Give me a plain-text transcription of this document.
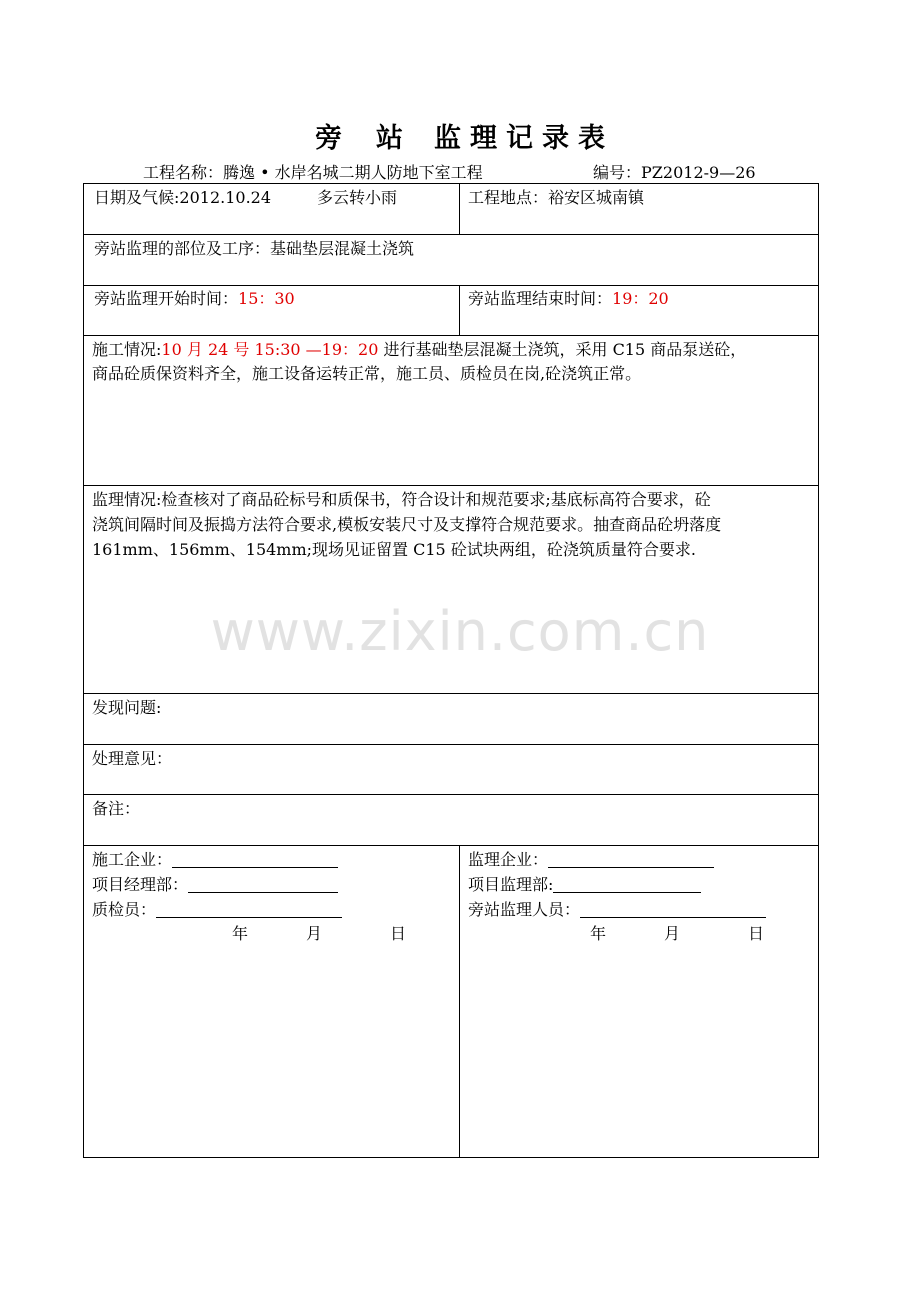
旁 站 监 理 记 录 表
工程名称：腾逸 • 水岸名城二期人防地下室工程	编号：PZ2012-9—26
www.zixin.com.cn
日期及气候:2012.10.24	多云转小雨	工程地点：裕安区城南镇
旁站监理的部位及工序：基础垫层混凝土浇筑
旁站监理开始时间：15：30	旁站监理结束时间：19：20
施工情况:10 月 24 号 15:30 —19：20 进行基础垫层混凝土浇筑，采用 C15 商品泵送砼，
商品砼质保资料齐全，施工设备运转正常，施工员、质检员在岗,砼浇筑正常。
监理情况:检查核对了商品砼标号和质保书，符合设计和规范要求;基底标高符合要求，砼
浇筑间隔时间及振捣方法符合要求,模板安装尺寸及支撑符合规范要求。抽查商品砼坍落度
161mm、156mm、154mm;现场见证留置 C15 砼试块两组，砼浇筑质量符合要求.
发现问题:
处理意见：
备注：
施工企业：
项目经理部：
质检员：
年	月	日
监理企业：
项目监理部:
旁站监理人员：
年	月	日
